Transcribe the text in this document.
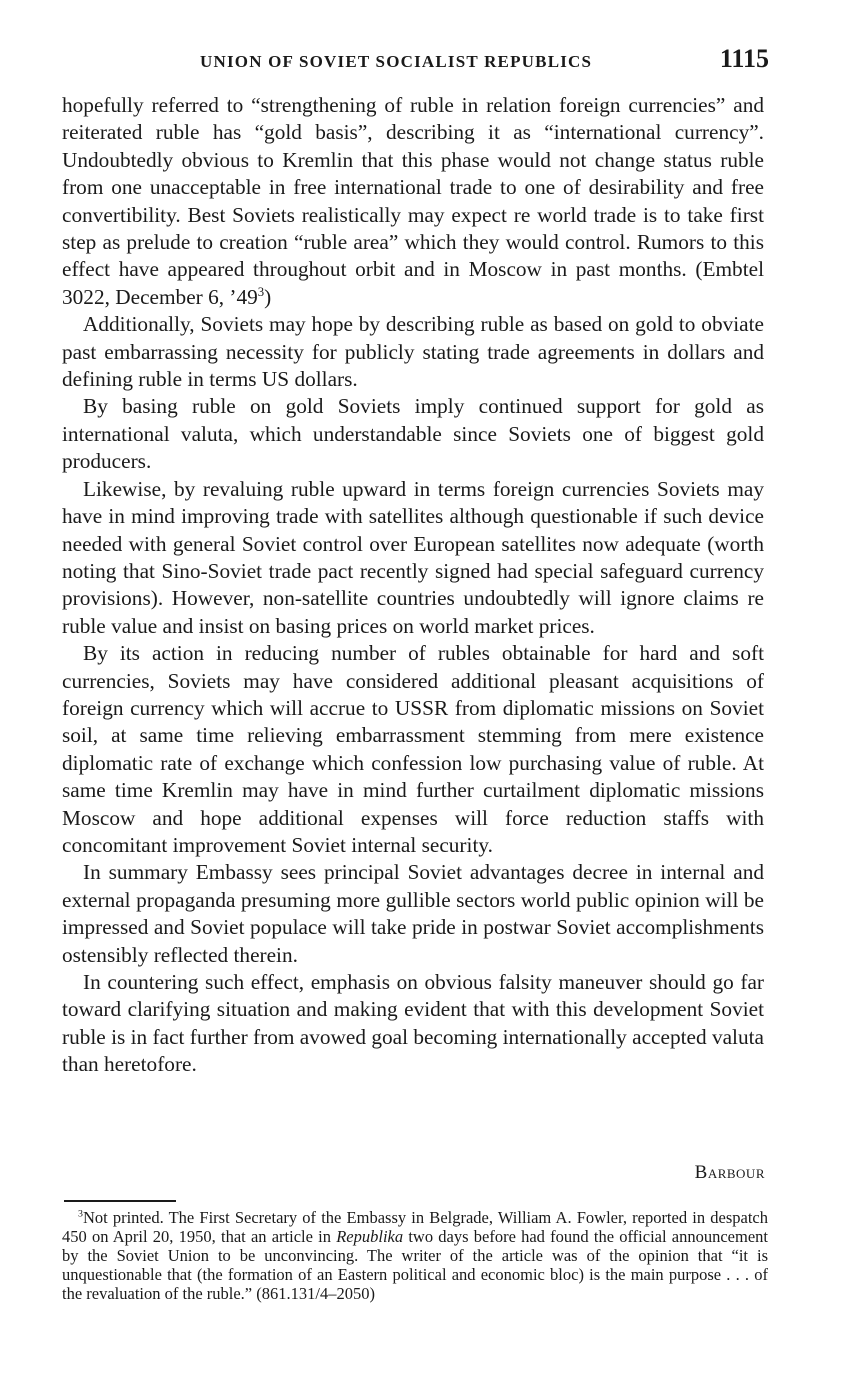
UNION OF SOVIET SOCIALIST REPUBLICS	1115

hopefully referred to “strengthening of ruble in relation foreign currencies” and reiterated ruble has “gold basis”, describing it as “international currency”. Undoubtedly obvious to Kremlin that this phase would not change status ruble from one unacceptable in free international trade to one of desirability and free convertibility. Best Soviets realistically may expect re world trade is to take first step as prelude to creation “ruble area” which they would control. Rumors to this effect have appeared throughout orbit and in Moscow in past months. (Embtel 3022, December 6, $’49^3$)

Additionally, Soviets may hope by describing ruble as based on gold to obviate past embarrassing necessity for publicly stating trade agreements in dollars and defining ruble in terms US dollars.

By basing ruble on gold Soviets imply continued support for gold as international valuta, which understandable since Soviets one of biggest gold producers.

Likewise, by revaluing ruble upward in terms foreign currencies Soviets may have in mind improving trade with satellites although questionable if such device needed with general Soviet control over European satellites now adequate (worth noting that Sino-Soviet trade pact recently signed had special safeguard currency provisions). However, non-satellite countries undoubtedly will ignore claims re ruble value and insist on basing prices on world market prices.

By its action in reducing number of rubles obtainable for hard and soft currencies, Soviets may have considered additional pleasant acquisitions of foreign currency which will accrue to USSR from diplomatic missions on Soviet soil, at same time relieving embarrassment stemming from mere existence diplomatic rate of exchange which confession low purchasing value of ruble. At same time Kremlin may have in mind further curtailment diplomatic missions Moscow and hope additional expenses will force reduction staffs with concomitant improvement Soviet internal security.

In summary Embassy sees principal Soviet advantages decree in internal and external propaganda presuming more gullible sectors world public opinion will be impressed and Soviet populace will take pride in postwar Soviet accomplishments ostensibly reflected therein.

In countering such effect, emphasis on obvious falsity maneuver should go far toward clarifying situation and making evident that with this development Soviet ruble is in fact further from avowed goal becoming internationally accepted valuta than heretofore.

Barbour
$^3$Not printed. The First Secretary of the Embassy in Belgrade, William A. Fowler, reported in despatch 450 on April 20, 1950, that an article in Republika two days before had found the official announcement by the Soviet Union to be unconvincing. The writer of the article was of the opinion that “it is unquestionable that (the formation of an Eastern political and economic bloc) is the main purpose . . . of the revaluation of the ruble.” (861.131/4–2050)
